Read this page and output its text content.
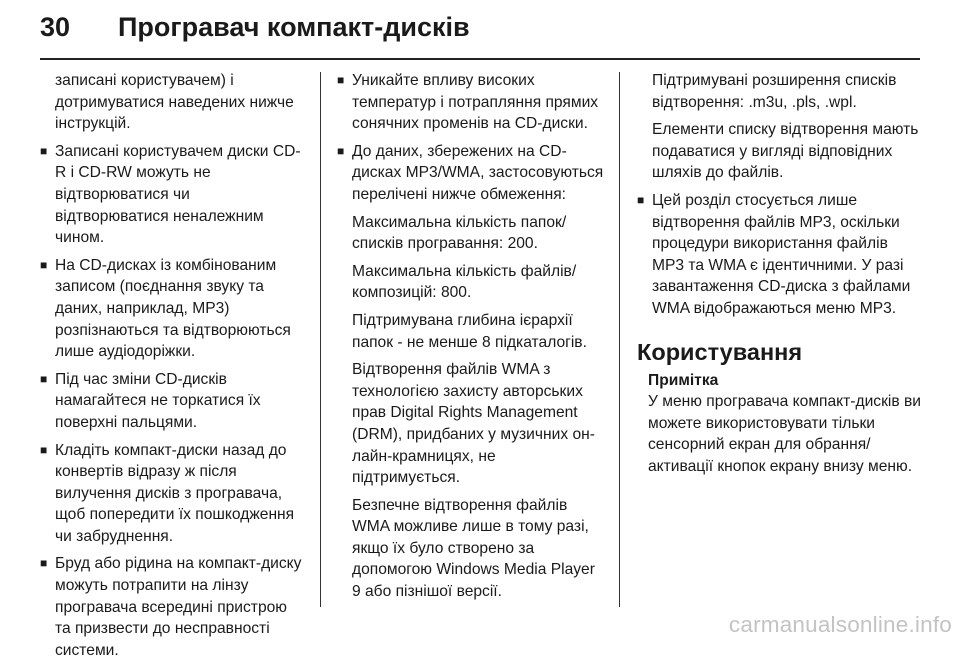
30 Програвач компакт-дисків

записані користувачем) і дотримуватися наведених нижче інструкцій.

■ Записані користувачем диски CD-R і CD-RW можуть не відтворюватися чи відтворюватися неналежним чином.
■ На CD-дисках із комбінованим записом (поєднання звуку та даних, наприклад, MP3) розпізнаються та відтворюються лише аудіодоріжки.
■ Під час зміни CD-дисків намагайтеся не торкатися їх поверхні пальцями.
■ Кладіть компакт-диски назад до конвертів відразу ж після вилучення дисків з програвача, щоб попередити їх пошкодження чи забруднення.
■ Бруд або рідина на компакт-диску можуть потрапити на лінзу програвача всередині пристрою та призвести до несправності системи.
■ Уникайте впливу високих температур і потрапляння прямих сонячних променів на CD-диски.
■ До даних, збережених на CD-дисках MP3/WMA, застосовуються перелічені нижче обмеження:

Максимальна кількість папок/списків програвання: 200.

Максимальна кількість файлів/композицій: 800.

Підтримувана глибина ієрархії папок - не менше 8 підкаталогів.

Відтворення файлів WMA з технологією захисту авторських прав Digital Rights Management (DRM), придбаних у музичних он-лайн-крамницях, не підтримується.

Безпечне відтворення файлів WMA можливе лише в тому разі, якщо їх було створено за допомогою Windows Media Player 9 або пізнішої версії.

Підтримувані розширення списків відтворення: .m3u, .pls, .wpl.

Елементи списку відтворення мають подаватися у вигляді відповідних шляхів до файлів.

■ Цей розділ стосується лише відтворення файлів MP3, оскільки процедури використання файлів MP3 та WMA є ідентичними. У разі завантаження CD-диска з файлами WMA відображаються меню MP3.
Користування
Примітка
У меню програвача компакт-дисків ви можете використовувати тільки сенсорний екран для обрання/активації кнопок екрану внизу меню.
carmanualsonline.info
